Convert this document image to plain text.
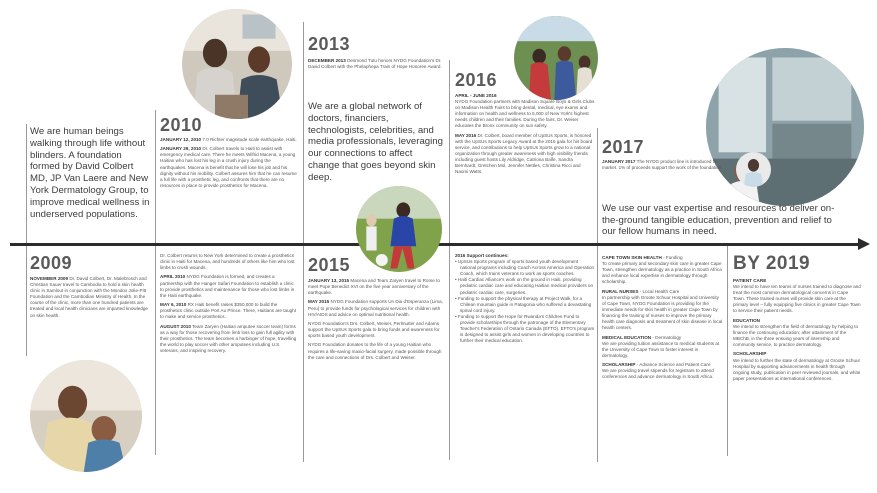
We are human beings walking through life without blinders. A foundation formed by David Colbert MD, JP Van Laere and New York Dermatology Group, to improve medical wellness in underserved populations.
2009
NOVEMBER 2009 Dr. David Colbert, Dr. Malebrosch and Christian Sauer travel to Cambodia to hold a skin health clinic in Samlout in conjunction with the Mondox Jolie-Pitt Foundation and the Cambodian Ministry of Health. In the course of the clinic, more than one hundred patients are treated and local health clinicians are imparted knowledge on skin health.
2010

JANUARY 12, 2010 7.0 Richter magnitude scale earthquake, Haiti.

JANUARY 29, 2010 Dr. Colbert travels to Haiti to assist with emergency medical care. There he meets Wilfrid Macena, a young Haitian who has lost his leg in a crush injury during the earthquakes. Macena is benefit that he will lose his job and his dignity without his mobility. Colbert assures him that he can resume a full life with a prosthetic leg, and confronts that there are no resources in place to provide prosthetics for Macena.

Dr. Colbert returns to New York determined to create a prosthetics clinic in Haiti for Macena, and hundreds of others like him who lost limbs to crush wounds.

APRIL 2010 NYDG Foundation is formed, and creates a partnership with the Hanger Safari Foundation to establish a clinic to provide prosthetics and maintenance for those who lost limbs in the Haiti earthquake.

MAY 6, 2010 RX Haiti benefit raises $350,000 to build the prosthetics clinic outside Port Au Prince. There, Haitians are taught to make and service prosthetics.

AUGUST 2010 Team Zaryen (Haitian amputee soccer team) forms as a way for those recovering from limb loss to gain full agility with their prosthetics. The team becomes a harbinger of hope, travelling the world to play soccer with other amputees including U.S. veterans, and inspiring recovery.

2013
DECEMBER 2013 Desmond Tutu honors NYDG Foundation's Dr. David Colbert with the Phelaphepa Train of Hope Honoree Award.
We are a global network of doctors, financiers, technologists, celebrities, and media professionals, leveraging our connections to affect change that goes beyond skin deep.
2015

JANUARY 13, 2015 Macena and Team Zaryen travel to Rome to meet Pope Benedict XVI on the five year anniversary of the earthquake.

MAY 2015 NYDG Foundation supports Un Dia d'Esperanza (Lima, Peru) to provide funds for psychological services for children with HIV/AIDS and advice on optimal nutritional health.

NYDG Foundation's Drs. Colbert, Weiser, Perlmutter and Adams support the UpSUs Sports gala to bring funds and awareness for sports based youth development.

NYDG Foundation donates to the life of a young Haitian who requires a life-saving maxio-facial surgery, made possible through the care and connections of Drs. Colbert and Weiser.

2016

APRIL - JUNE 2016
NYDG Foundation partners with Madison Square Boys & Girls Clubs on Madison Health Fairs to bring dental, medical, eye exams and information on health and wellness to 5,000 of New York's highest needs children and their families. During the fairs, Dr. Weiser educates the Bronx community on sun safety.

MAY 2016 Dr. Colbert, board member of UpSUs Sports, is honored with the UpSUs Sports Legacy Award at the 2016 gala for his board service, and contributions to help UpSUs Sports grow to a national organization through greater awareness with high visibility friends including guest hosts Lily Aldridge, Catriona Balfe, Sandra Bernhardt, Gretchen Mol, Jennifer Nettles, Christina Ricci and Naomi Watts.

2016 Support continues:
• UpSUs Sports program of sports based youth development national programs including Coach Across America and Operation Coach, which trains veterans to work as sports coaches.
• Haiti Cardiac Alliance's work on the ground in Haiti, providing pediatric cardiac care and educating Haitian medical providers on pediatric cardiac care, surgeries.
• Funding to support the physical therapy at Project Walk, for a Chilean mountain guide in Patagonia who suffered a devastating spinal cord injury.
• Funding to support the Hope for Rwanda's Children Fund to provide scholarships through the patronage of the Elementary Teacher's Federation of Ontario Canada (EFTO). EFTO's program is designed to assist girls and women in developing countries to further their medical education.
2017
JANUARY 2017 The NYDG product line is introduced to market. 1% of proceeds support the work of the foundation.
We use our vast expertise and resources to deliver on-the-ground tangible education, prevention and relief to our fellow humans in need.

CAPE TOWN SKIN HEALTH - Funding
To create primary and secondary skin care in greater Cape Town, strengthen dermatology as a practice in South Africa and enhance local expertise in dermatology through scholarship.

RURAL NURSES - Local Health Care
In partnership with Groote Schuur Hospital and University of Cape Town, NYDG Foundation is providing for the immediate needs for skin health in greater Cape Town by financing the training of nurses to improve the primary health care diagnosis and treatment of skin disease in local health centers.

MEDICAL EDUCATION - Dermatology
We are providing tuition assistance to medical students at the University of Cape Town to foster interest in dermatology.

SCHOLARSHIP - Advance Science and Patient Care
We are providing travel stipends for registrars to attend conferences and advance dermatology in South Africa.

BY 2019

PATIENT CARE
We intend to have ten teams of nurses trained to diagnose and treat the most common dermatological concerns in Cape Town. These trained nurses will provide skin care at the primary level – fully equipping five clinics in greater Cape Town to service their patient needs.

EDUCATION
We intend to strengthen the field of dermatology by helping to finance the continuing education; after attainment of the MBChB, in the three ensuing years of internship and community service, to practice dermatology.

SCHOLARSHIP
We intend to further the state of dermatology at Groote Schuur Hospital by supporting advancements in health through ongoing study, publication in peer reviewed journals, and white paper presentations at international conferences.
